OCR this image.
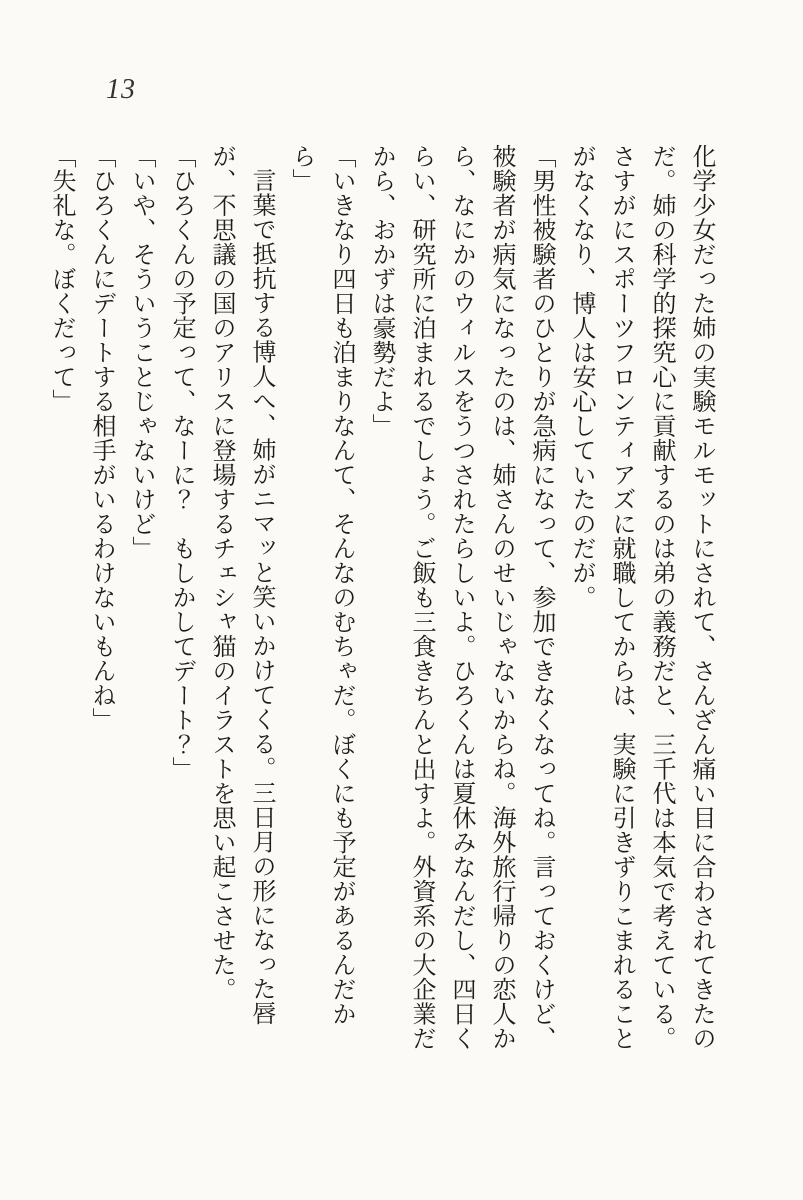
13

化学少女だった姉の実験モルモットにされて、さんざん痛い目に合わされてきたのだ。姉の科学的探究心に貢献するのは弟の義務だと、三千代は本気で考えている。さすがにスポーツフロンティアズに就職してからは、実験に引きずりこまれることがなくなり、博人は安心していたのだが。

「男性被験者のひとりが急病になって、参加できなくなってね。言っておくけど、被験者が病気になったのは、姉さんのせいじゃないからね。海外旅行帰りの恋人から、なにかのウィルスをうつされたらしいよ。ひろくんは夏休みなんだし、四日くらい、研究所に泊まれるでしょう。ご飯も三食きちんと出すよ。外資系の大企業だから、おかずは豪勢だよ」

「いきなり四日も泊まりなんて、そんなのむちゃだ。ぼくにも予定があるんだから」

言葉で抵抗する博人へ、姉がニマッと笑いかけてくる。三日月の形になった唇が、不思議の国のアリスに登場するチェシャ猫のイラストを思い起こさせた。

「ひろくんの予定って、なーに？　もしかしてデート？」

「いや、そういうことじゃないけど」

「ひろくんにデートする相手がいるわけないもんね」

「失礼な。ぼくだって」
